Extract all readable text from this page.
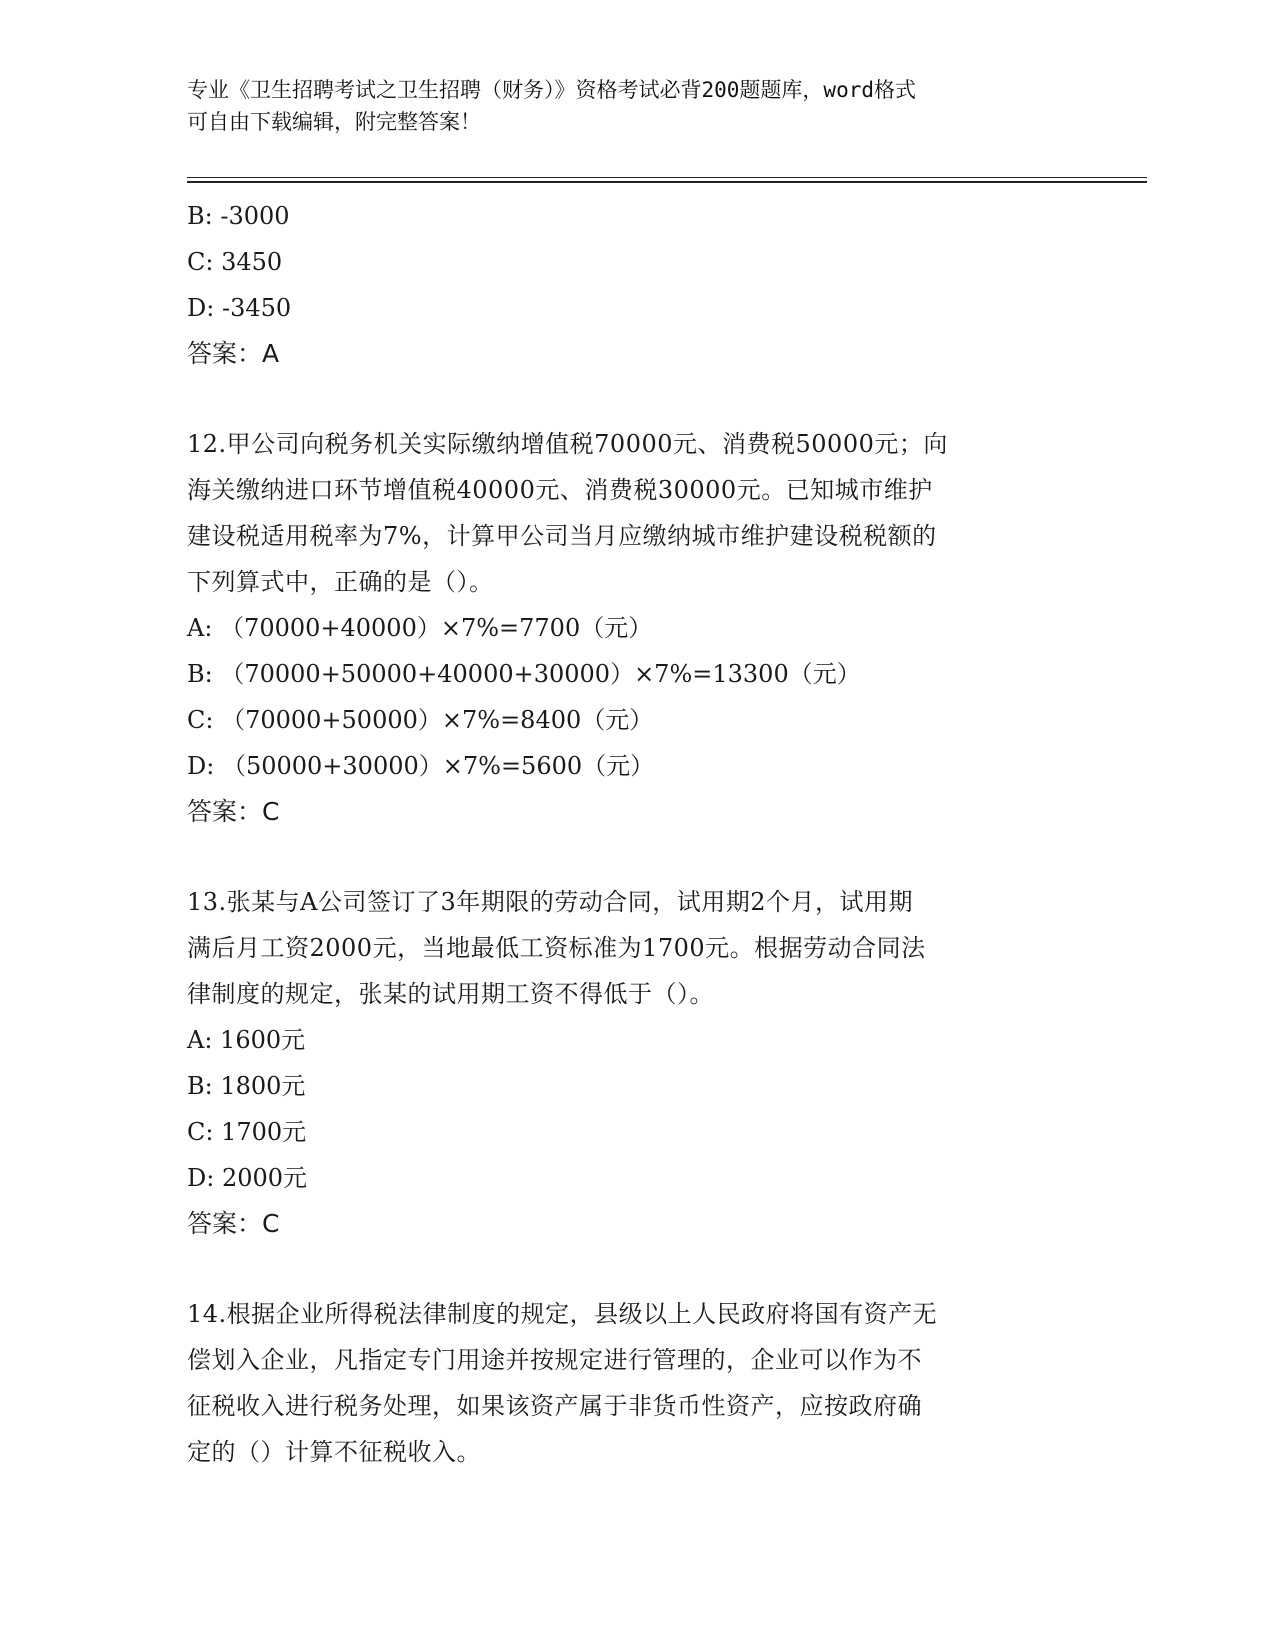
专业《卫生招聘考试之卫生招聘（财务）》资格考试必背200题题库，word格式
可自由下载编辑，附完整答案！
B: -3000
C: 3450
D: -3450
答案：A
12.甲公司向税务机关实际缴纳增值税70000元、消费税50000元；向
海关缴纳进口环节增值税40000元、消费税30000元。已知城市维护
建设税适用税率为7%，计算甲公司当月应缴纳城市维护建设税税额的
下列算式中，正确的是（）。
A: （70000+40000）×7%=7700（元）
B: （70000+50000+40000+30000）×7%=13300（元）
C: （70000+50000）×7%=8400（元）
D: （50000+30000）×7%=5600（元）
答案：C
13.张某与A公司签订了3年期限的劳动合同，试用期2个月，试用期
满后月工资2000元，当地最低工资标准为1700元。根据劳动合同法
律制度的规定，张某的试用期工资不得低于（）。
A: 1600元
B: 1800元
C: 1700元
D: 2000元
答案：C
14.根据企业所得税法律制度的规定，县级以上人民政府将国有资产无
偿划入企业，凡指定专门用途并按规定进行管理的，企业可以作为不
征税收入进行税务处理，如果该资产属于非货币性资产，应按政府确
定的（）计算不征税收入。
